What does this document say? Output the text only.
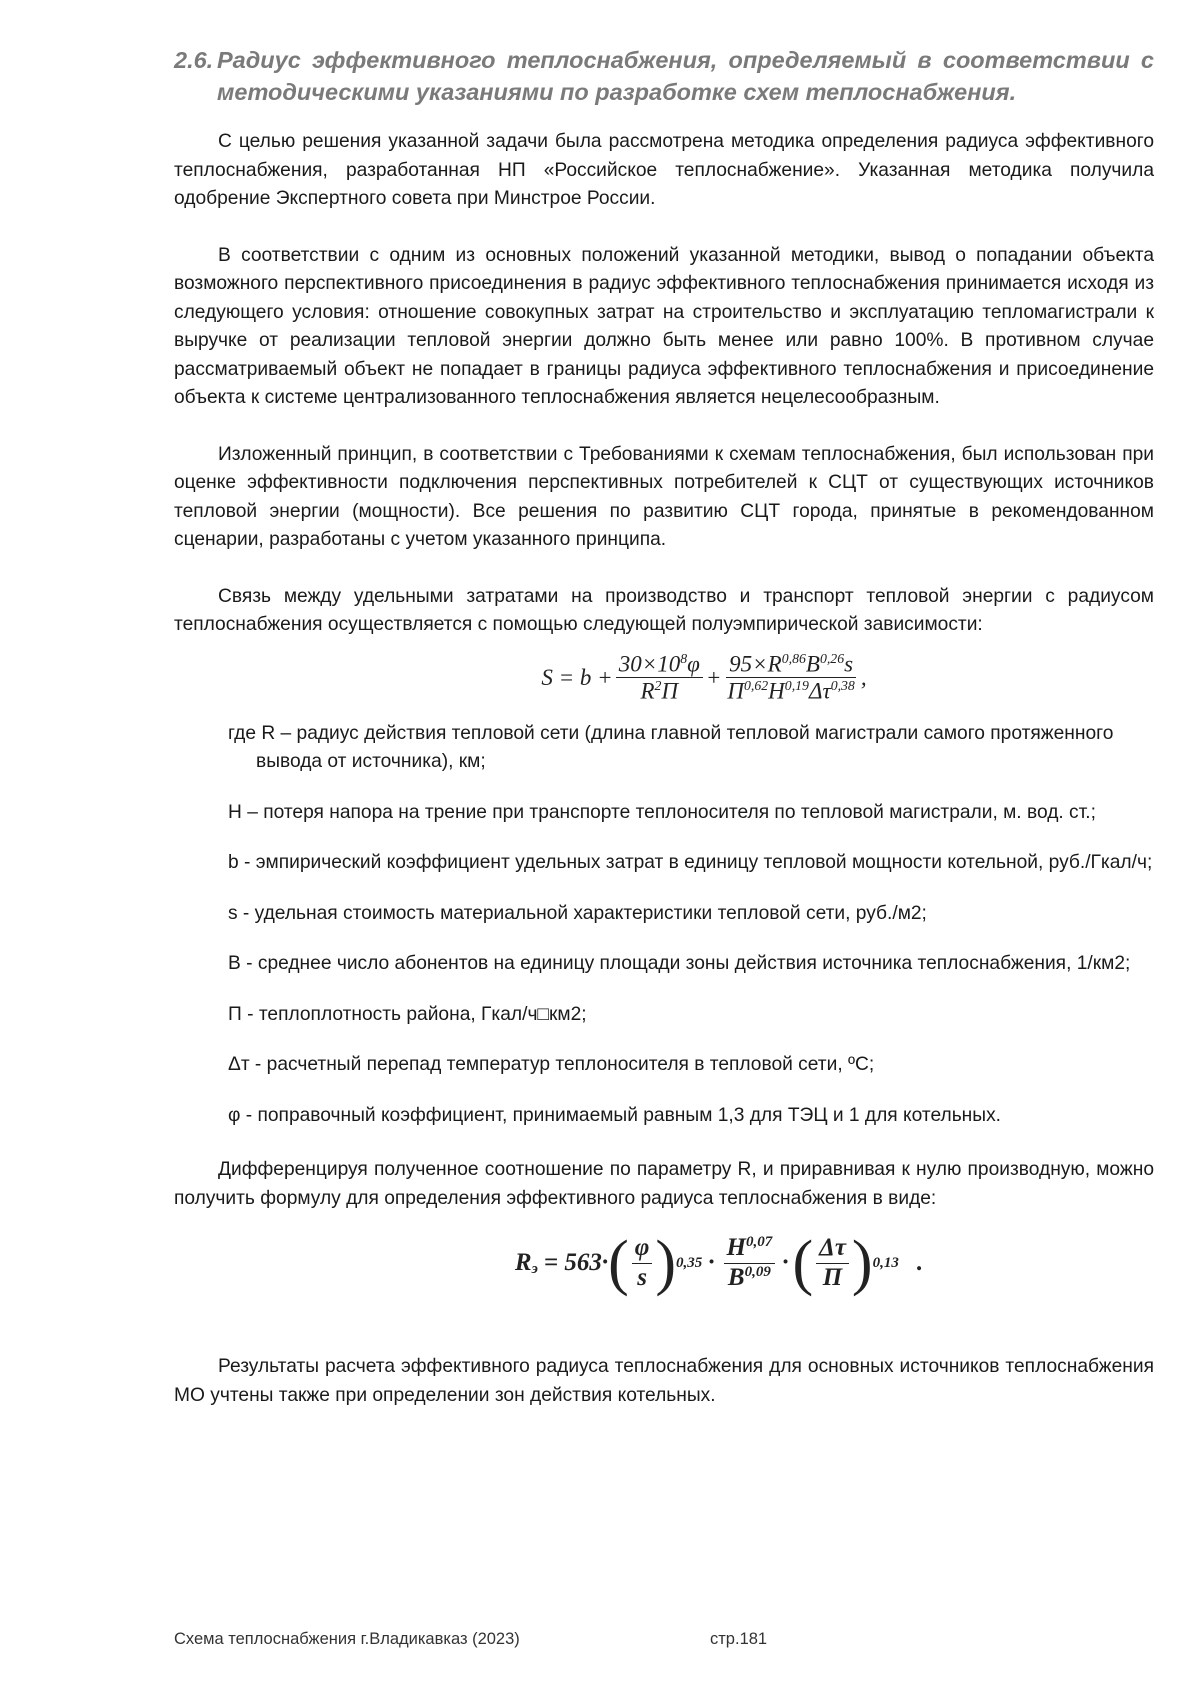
2.6. Радиус эффективного теплоснабжения, определяемый в соответствии с методическими указаниями по разработке схем теплоснабжения.

С целью решения указанной задачи была рассмотрена методика определения радиуса эффективного теплоснабжения, разработанная НП «Российское теплоснабжение». Указанная методика получила одобрение Экспертного совета при Минстрое России.

В соответствии с одним из основных положений указанной методики, вывод о попадании объекта возможного перспективного присоединения в радиус эффективного теплоснабжения принимается исходя из следующего условия: отношение совокупных затрат на строительство и эксплуатацию тепломагистрали к выручке от реализации тепловой энергии должно быть менее или равно 100%. В противном случае рассматриваемый объект не попадает в границы радиуса эффективного теплоснабжения и присоединение объекта к системе централизованного теплоснабжения является нецелесообразным.

Изложенный принцип, в соответствии с Требованиями к схемам теплоснабжения, был использован при оценке эффективности подключения перспективных потребителей к СЦТ от существующих источников тепловой энергии (мощности). Все решения по развитию СЦТ города, принятые в рекомендованном сценарии, разработаны с учетом указанного принципа.

Связь между удельными затратами на производство и транспорт тепловой энергии с радиусом теплоснабжения осуществляется с помощью следующей полуэмпирической зависимости:

$S = b + \frac{30\times 10^8\varphi}{R^2П} + \frac{95\times R^{0,86}B^{0,26}s}{П^{0,62}H^{0,19}\Delta\tau^{0,38}}$ ,
где R – радиус действия тепловой сети (длина главной тепловой магистрали самого протяженного вывода от источника), км;
Н – потеря напора на трение при транспорте теплоносителя по тепловой магистрали, м. вод. ст.;
b - эмпирический коэффициент удельных затрат в единицу тепловой мощности котельной, руб./Гкал/ч;
s - удельная стоимость материальной характеристики тепловой сети, руб./м2;
В - среднее число абонентов на единицу площади зоны действия источника теплоснабжения, 1/км2;
П - теплоплотность района, Гкал/ч□км2;
Δт - расчетный перепад температур теплоносителя в тепловой сети, ºС;
φ - поправочный коэффициент, принимаемый равным 1,3 для ТЭЦ и 1 для котельных.

Дифференцируя полученное соотношение по параметру R, и приравнивая к нулю производную, можно получить формулу для определения эффективного радиуса теплоснабжения в виде:

$R_э = 563\cdot$ ( $\frac{\varphi}{s}$ ) $0,35 \cdot \frac{H^{0,07}}{B^{0,09}}$ · ( $\frac{\Delta\tau}{П}$ ) 0,13 .

Результаты расчета эффективного радиуса теплоснабжения для основных источников теплоснабжения МО учтены также при определении зон действия котельных.

Схема теплоснабжения г.Владикавказ (2023)	стр.181
